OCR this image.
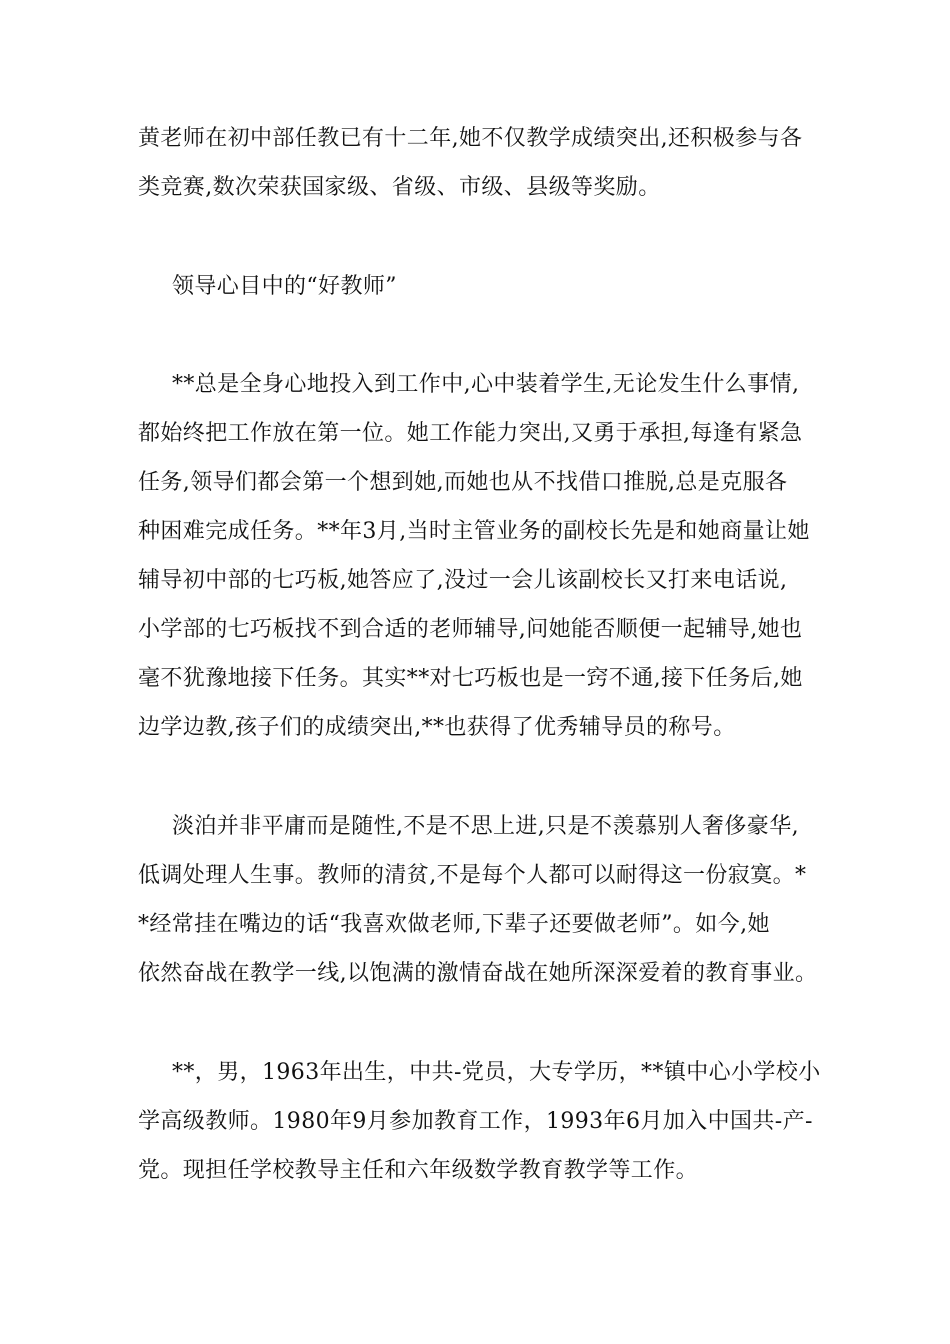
黄老师在初中部任教已有十二年,她不仅教学成绩突出,还积极参与各
类竞赛,数次荣获国家级、省级、市级、县级等奖励。
领导心目中的“好教师”
**总是全身心地投入到工作中,心中装着学生,无论发生什么事情,
都始终把工作放在第一位。她工作能力突出,又勇于承担,每逢有紧急
任务,领导们都会第一个想到她,而她也从不找借口推脱,总是克服各
种困难完成任务。**年3月,当时主管业务的副校长先是和她商量让她
辅导初中部的七巧板,她答应了,没过一会儿该副校长又打来电话说,
小学部的七巧板找不到合适的老师辅导,问她能否顺便一起辅导,她也
毫不犹豫地接下任务。其实**对七巧板也是一窍不通,接下任务后,她
边学边教,孩子们的成绩突出,**也获得了优秀辅导员的称号。
淡泊并非平庸而是随性,不是不思上进,只是不羡慕别人奢侈豪华,
低调处理人生事。教师的清贫,不是每个人都可以耐得这一份寂寞。*
*经常挂在嘴边的话“我喜欢做老师,下辈子还要做老师”。如今,她
依然奋战在教学一线,以饱满的激情奋战在她所深深爱着的教育事业。
**，男，1963年出生，中共-党员，大专学历，**镇中心小学校小
学高级教师。1980年9月参加教育工作，1993年6月加入中国共-产-
党。现担任学校教导主任和六年级数学教育教学等工作。
